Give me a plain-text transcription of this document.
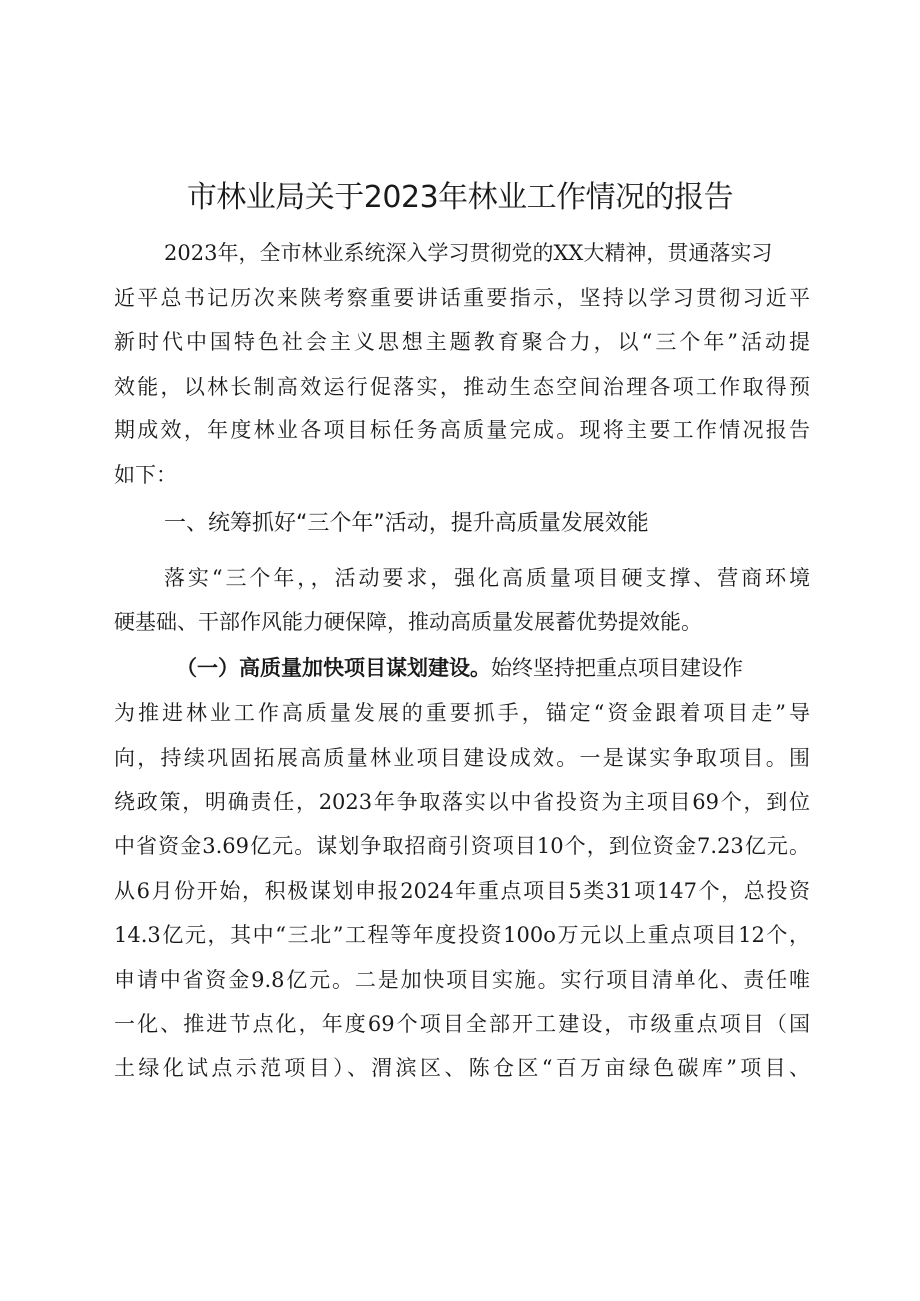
市林业局关于2023年林业工作情况的报告

2023年，全市林业系统深入学习贯彻党的XX大精神，贯通落实习

近平总书记历次来陕考察重要讲话重要指示，坚持以学习贯彻习近平

新时代中国特色社会主义思想主题教育聚合力，以“三个年”活动提

效能，以林长制高效运行促落实，推动生态空间治理各项工作取得预

期成效，年度林业各项目标任务高质量完成。现将主要工作情况报告

如下：

一、统筹抓好“三个年”活动，提升高质量发展效能

落实“三个年，，活动要求，强化高质量项目硬支撑、营商环境

硬基础、干部作风能力硬保障，推动高质量发展蓄优势提效能。

（一）高质量加快项目谋划建设。始终坚持把重点项目建设作

为推进林业工作高质量发展的重要抓手，锚定“资金跟着项目走”导

向，持续巩固拓展高质量林业项目建设成效。一是谋实争取项目。围

绕政策，明确责任，2023年争取落实以中省投资为主项目69个，到位

中省资金3.69亿元。谋划争取招商引资项目10个，到位资金7.23亿元。

从6月份开始，积极谋划申报2024年重点项目5类31项147个，总投资

14.3亿元，其中“三北”工程等年度投资100o万元以上重点项目12个，

申请中省资金9.8亿元。二是加快项目实施。实行项目清单化、责任唯

一化、推进节点化，年度69个项目全部开工建设，市级重点项目（国

土绿化试点示范项目）、渭滨区、陈仓区“百万亩绿色碳库”项目、
